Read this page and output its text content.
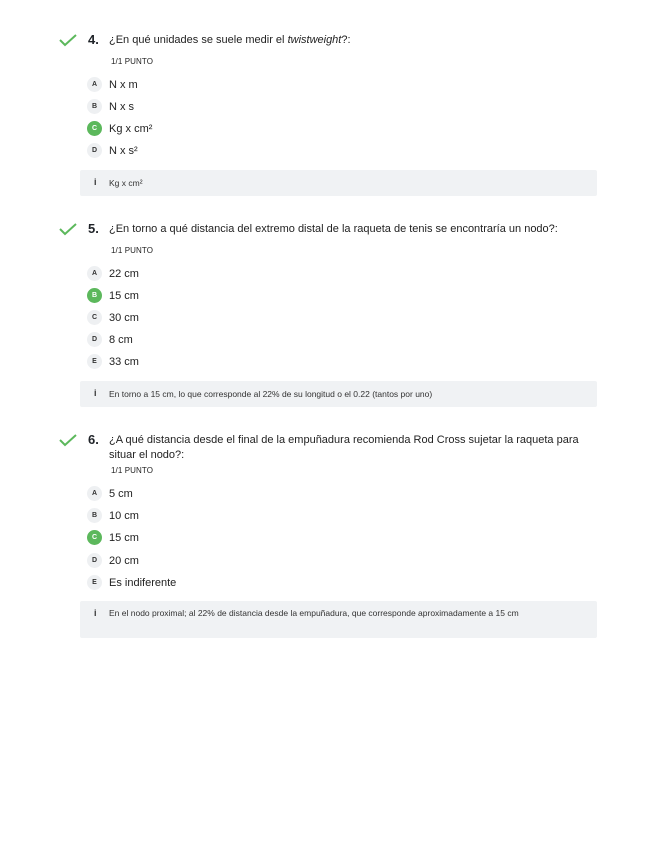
4. ¿En qué unidades se suele medir el twistweight?:
1/1 PUNTO
A	N x m
B	N x s
C	Kg x cm²
D	N x s²
i Kg x cm²
5. ¿En torno a qué distancia del extremo distal de la raqueta de tenis se encontraría un nodo?:
1/1 PUNTO
A	22 cm
B	15 cm
C	30 cm
D	8 cm
E	33 cm
i En torno a 15 cm, lo que corresponde al 22% de su longitud o el 0.22 (tantos por uno)
6. ¿A qué distancia desde el final de la empuñadura recomienda Rod Cross sujetar la raqueta para situar el nodo?:
1/1 PUNTO
A	5 cm
B	10 cm
C	15 cm
D	20 cm
E	Es indiferente
i En el nodo proximal; al 22% de distancia desde la empuñadura, que corresponde aproximadamente a 15 cm
